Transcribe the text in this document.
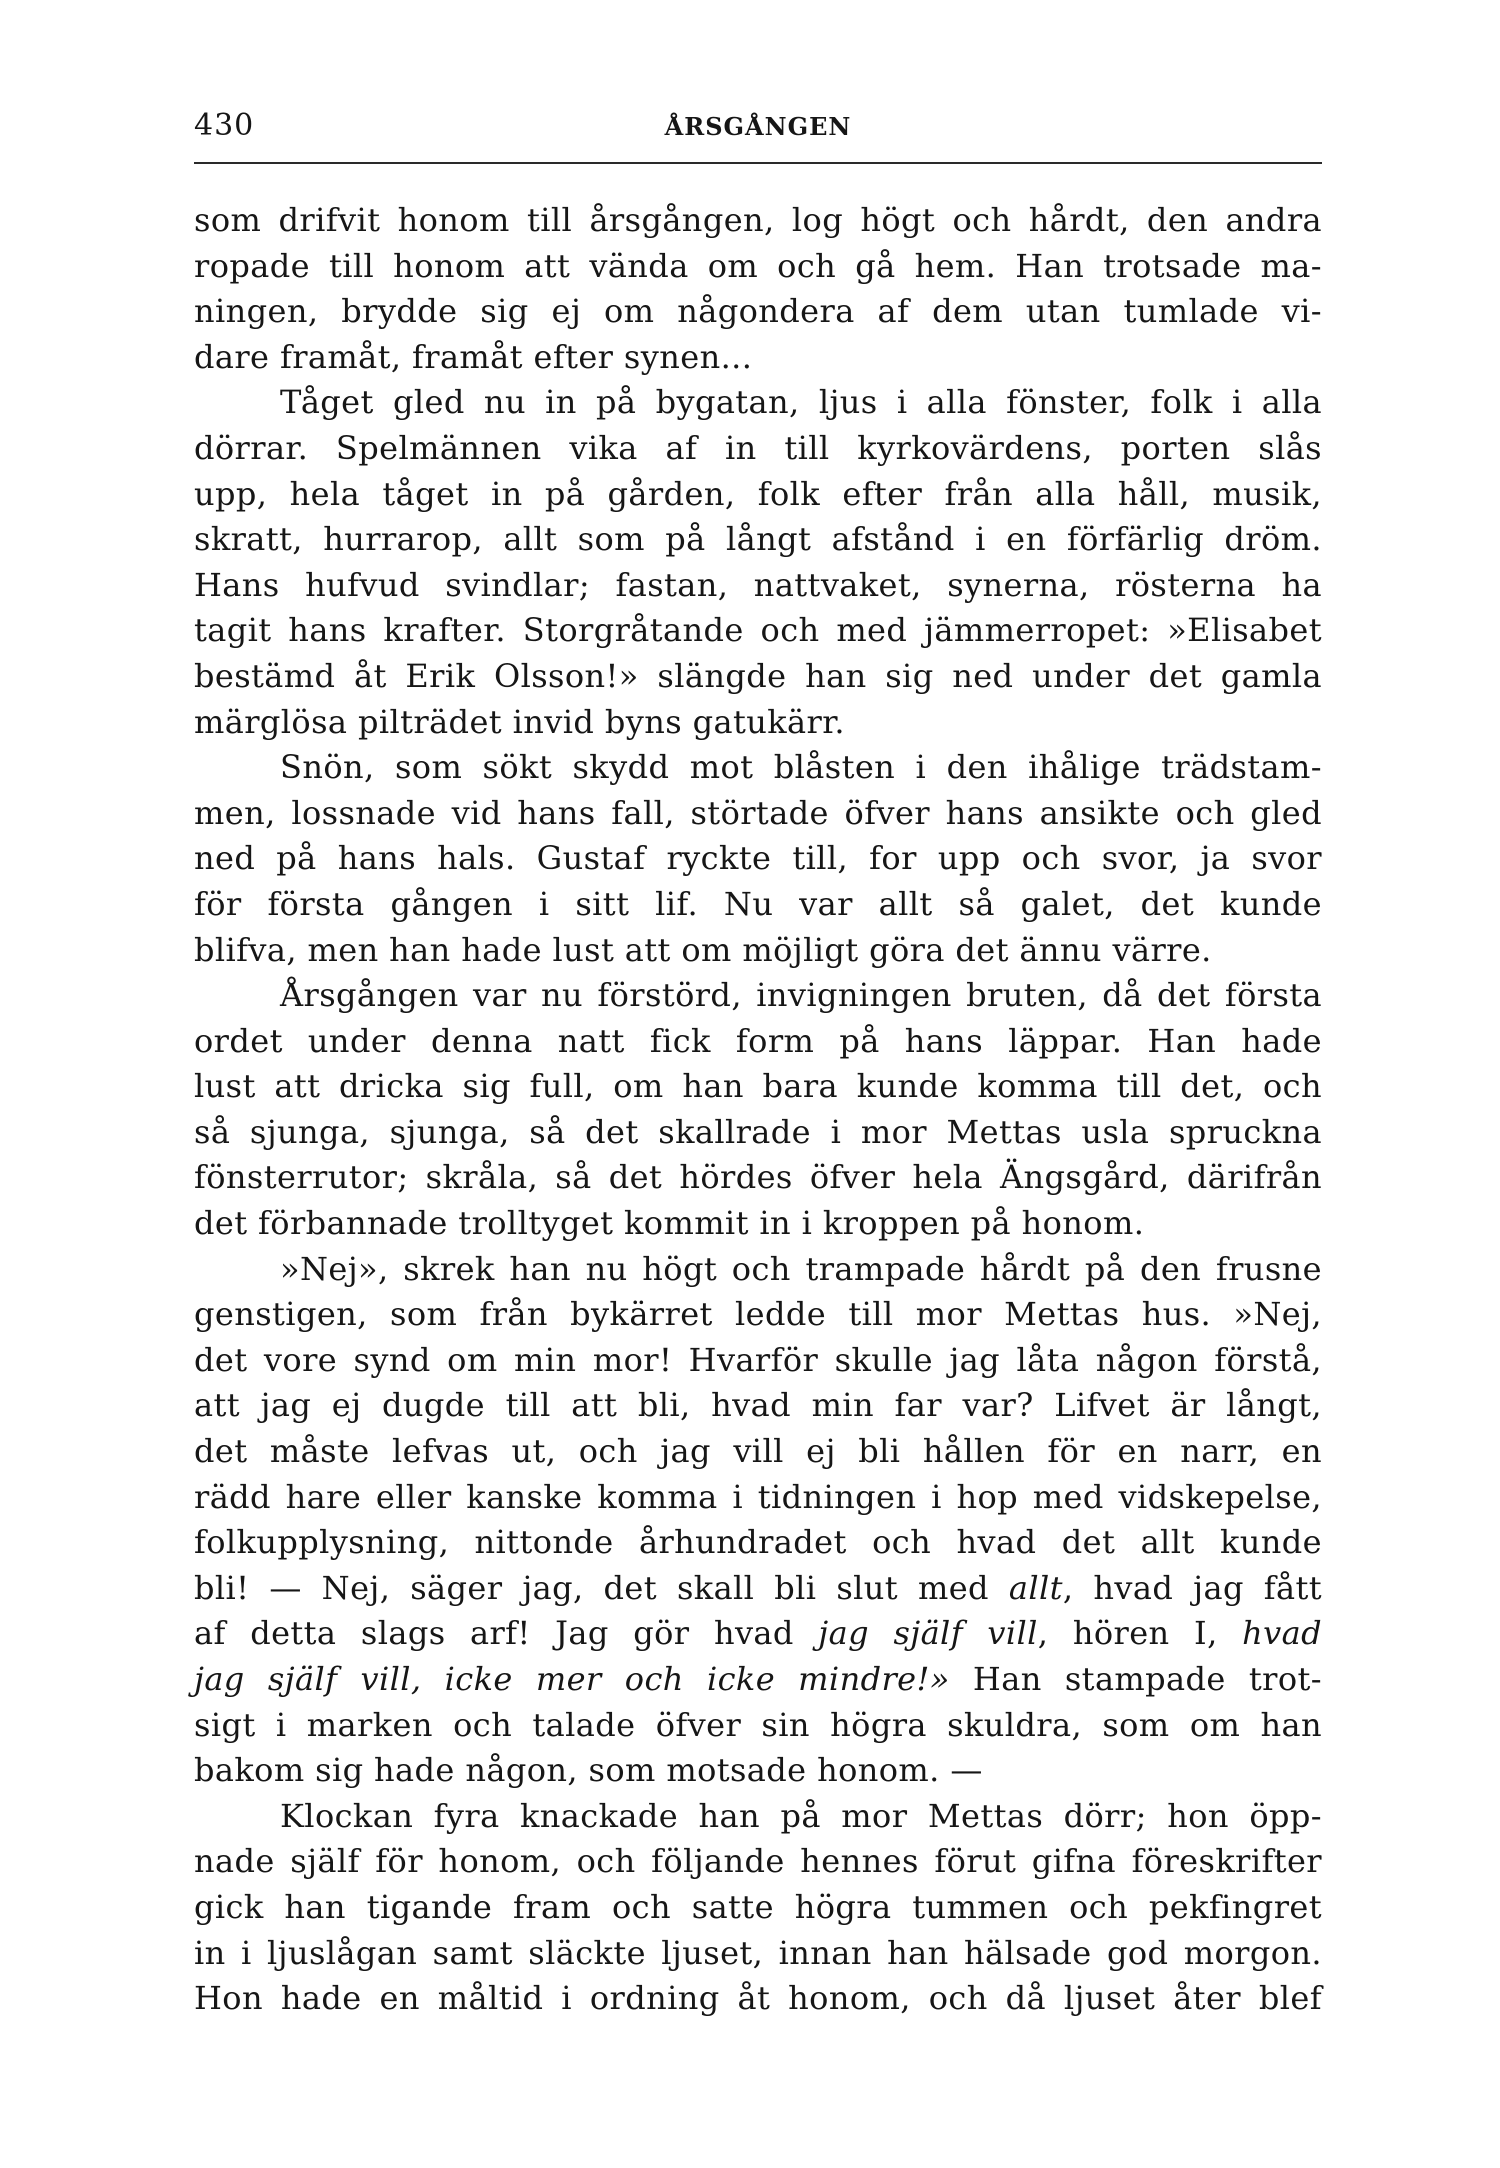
430	ÅRSGÅNGEN
som drifvit honom till årsgången, log högt och hårdt, den andra
ropade till honom att vända om och gå hem. Han trotsade ma-
ningen, brydde sig ej om någondera af dem utan tumlade vi-
dare framåt, framåt efter synen...
Tåget gled nu in på bygatan, ljus i alla fönster, folk i alla
dörrar. Spelmännen vika af in till kyrkovärdens, porten slås
upp, hela tåget in på gården, folk efter från alla håll, musik,
skratt, hurrarop, allt som på långt afstånd i en förfärlig dröm.
Hans hufvud svindlar; fastan, nattvaket, synerna, rösterna ha
tagit hans krafter. Storgråtande och med jämmerropet: »Elisabet
bestämd åt Erik Olsson!» slängde han sig ned under det gamla
märglösa pilträdet invid byns gatukärr.
Snön, som sökt skydd mot blåsten i den ihålige trädstam-
men, lossnade vid hans fall, störtade öfver hans ansikte och gled
ned på hans hals. Gustaf ryckte till, for upp och svor, ja svor
för första gången i sitt lif. Nu var allt så galet, det kunde
blifva, men han hade lust att om möjligt göra det ännu värre.
Årsgången var nu förstörd, invigningen bruten, då det första
ordet under denna natt fick form på hans läppar. Han hade
lust att dricka sig full, om han bara kunde komma till det, och
så sjunga, sjunga, så det skallrade i mor Mettas usla spruckna
fönsterrutor; skråla, så det hördes öfver hela Ängsgård, därifrån
det förbannade trolltyget kommit in i kroppen på honom.
»Nej», skrek han nu högt och trampade hårdt på den frusne
genstigen, som från bykärret ledde till mor Mettas hus. »Nej,
det vore synd om min mor! Hvarför skulle jag låta någon förstå,
att jag ej dugde till att bli, hvad min far var? Lifvet är långt,
det måste lefvas ut, och jag vill ej bli hållen för en narr, en
rädd hare eller kanske komma i tidningen i hop med vidskepelse,
folkupplysning, nittonde århundradet och hvad det allt kunde
bli! — Nej, säger jag, det skall bli slut med allt, hvad jag fått
af detta slags arf! Jag gör hvad jag själf vill, hören I, hvad
jag själf vill, icke mer och icke mindre!» Han stampade trot-
sigt i marken och talade öfver sin högra skuldra, som om han
bakom sig hade någon, som motsade honom. —
Klockan fyra knackade han på mor Mettas dörr; hon öpp-
nade själf för honom, och följande hennes förut gifna föreskrifter
gick han tigande fram och satte högra tummen och pekfingret
in i ljuslågan samt släckte ljuset, innan han hälsade god morgon.
Hon hade en måltid i ordning åt honom, och då ljuset åter blef
